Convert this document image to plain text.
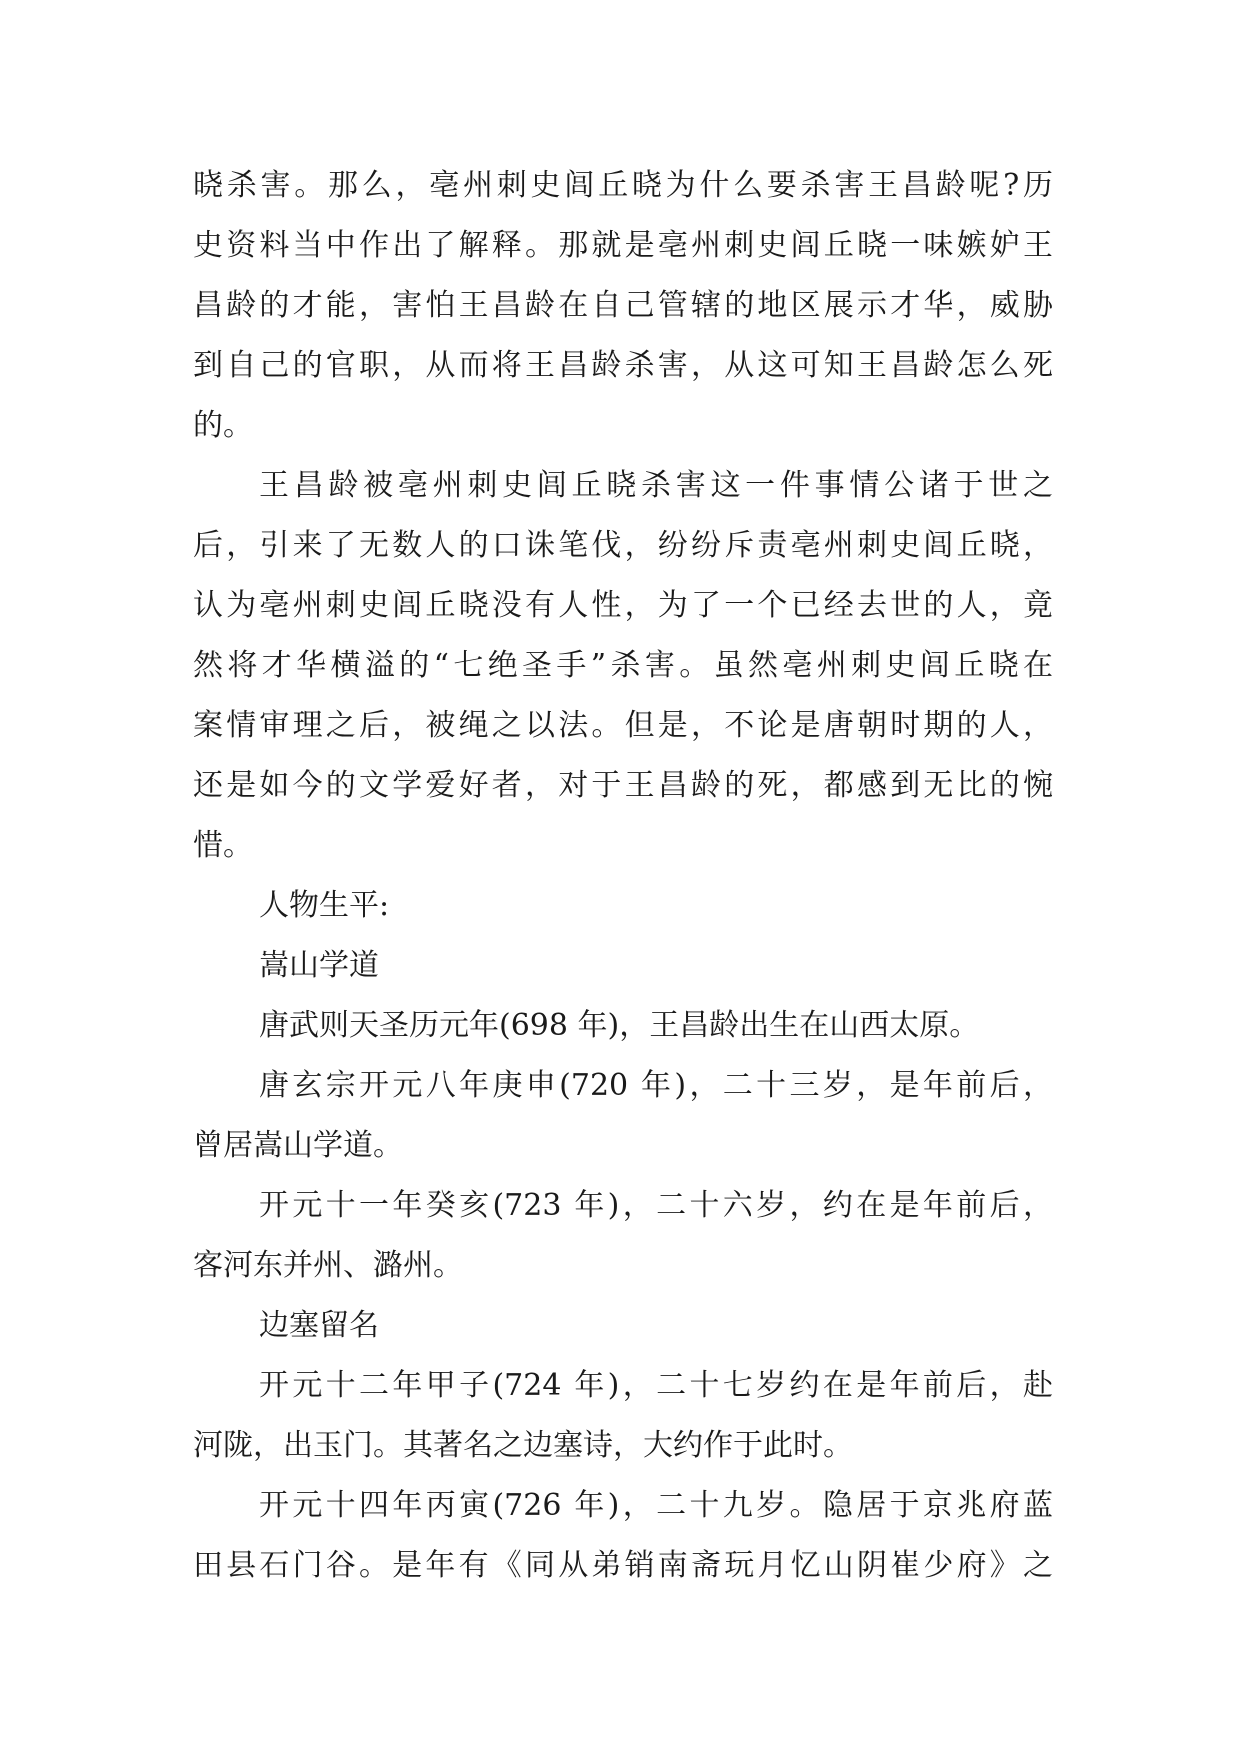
晓杀害。那么，亳州刺史闾丘晓为什么要杀害王昌龄呢?历
史资料当中作出了解释。那就是亳州刺史闾丘晓一味嫉妒王
昌龄的才能，害怕王昌龄在自己管辖的地区展示才华，威胁
到自己的官职，从而将王昌龄杀害，从这可知王昌龄怎么死
的。
王昌龄被亳州刺史闾丘晓杀害这一件事情公诸于世之
后，引来了无数人的口诛笔伐，纷纷斥责亳州刺史闾丘晓，
认为亳州刺史闾丘晓没有人性，为了一个已经去世的人，竟
然将才华横溢的“七绝圣手”杀害。虽然亳州刺史闾丘晓在
案情审理之后，被绳之以法。但是，不论是唐朝时期的人，
还是如今的文学爱好者，对于王昌龄的死，都感到无比的惋
惜。
人物生平:
嵩山学道
唐武则天圣历元年(698 年)，王昌龄出生在山西太原。
唐玄宗开元八年庚申(720 年)，二十三岁，是年前后，
曾居嵩山学道。
开元十一年癸亥(723 年)，二十六岁，约在是年前后，
客河东并州、潞州。
边塞留名
开元十二年甲子(724 年)，二十七岁约在是年前后，赴
河陇，出玉门。其著名之边塞诗，大约作于此时。
开元十四年丙寅(726 年)，二十九岁。隐居于京兆府蓝
田县石门谷。是年有《同从弟销南斋玩月忆山阴崔少府》之
